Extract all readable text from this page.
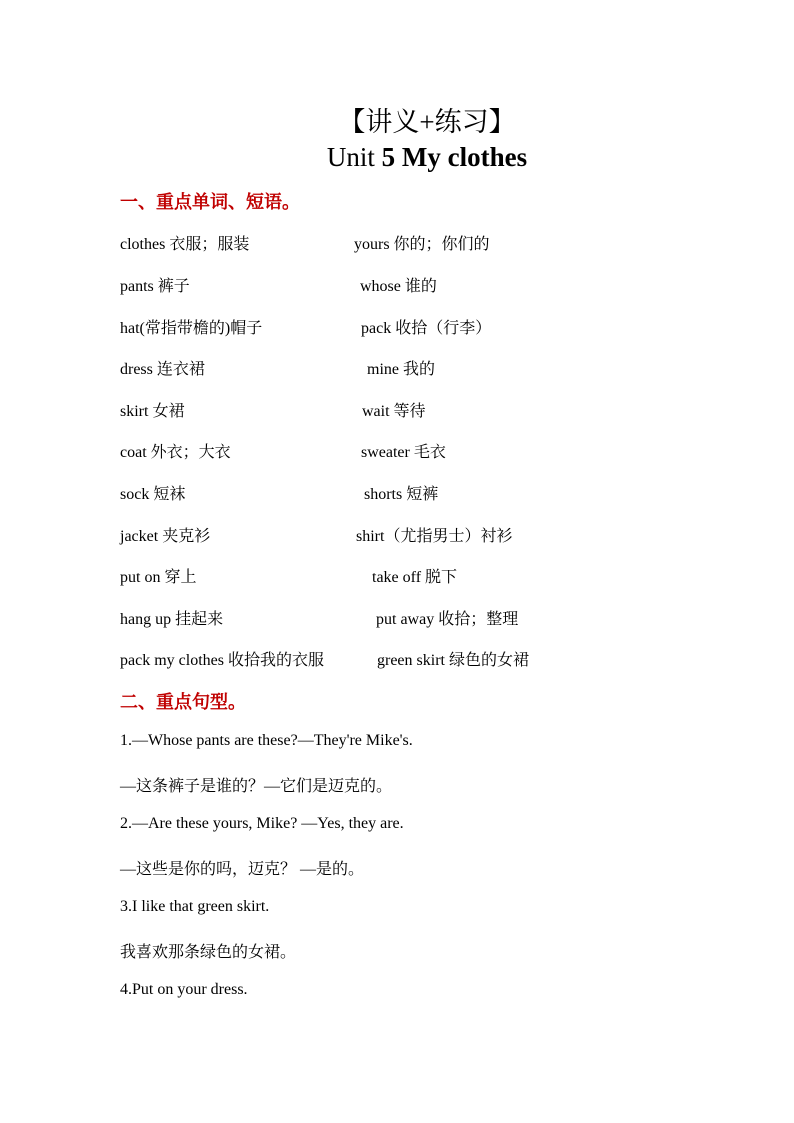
【讲义+练习】
Unit 5 My clothes
一、重点单词、短语。
clothes 衣服；服装	yours 你的；你们的
pants 裤子	whose 谁的
hat(常指带檐的)帽子	pack 收拾（行李）
dress 连衣裙	mine 我的
skirt 女裙	wait 等待
coat 外衣；大衣	sweater 毛衣
sock 短袜	shorts 短裤
jacket 夹克衫	shirt（尤指男士）衬衫
put on 穿上	take off 脱下
hang up 挂起来	put away 收拾；整理
pack my clothes 收拾我的衣服	green skirt 绿色的女裙
二、重点句型。
1.—Whose pants are these?—They're Mike's.
—这条裤子是谁的？—它们是迈克的。
2.—Are these yours, Mike? —Yes, they are.
—这些是你的吗，迈克？ —是的。
3.I like that green skirt.
我喜欢那条绿色的女裙。
4.Put on your dress.
